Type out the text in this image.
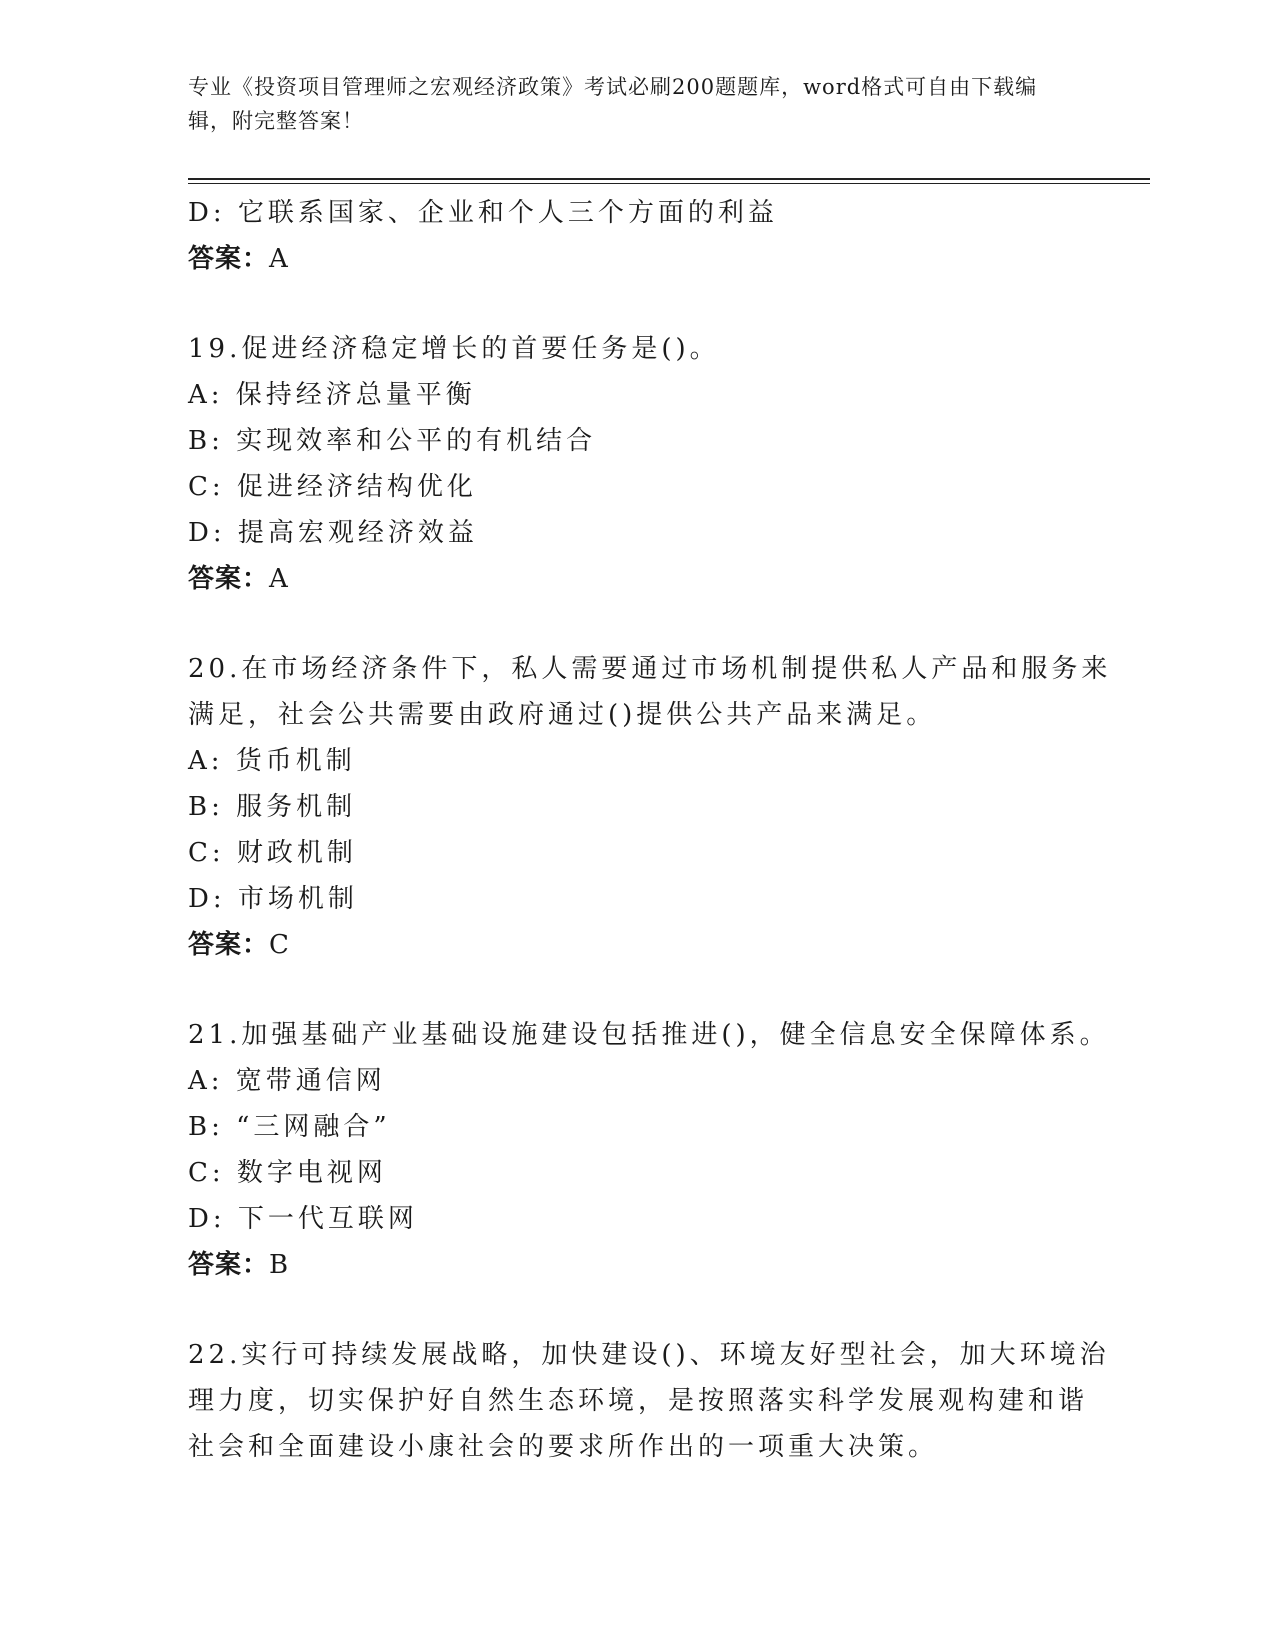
专业《投资项目管理师之宏观经济政策》考试必刷200题题库，word格式可自由下载编辑，附完整答案！
D: 它联系国家、企业和个人三个方面的利益
答案：A
19.促进经济稳定增长的首要任务是()。
A: 保持经济总量平衡
B: 实现效率和公平的有机结合
C: 促进经济结构优化
D: 提高宏观经济效益
答案：A
20.在市场经济条件下，私人需要通过市场机制提供私人产品和服务来
满足，社会公共需要由政府通过()提供公共产品来满足。
A: 货币机制
B: 服务机制
C: 财政机制
D: 市场机制
答案：C
21.加强基础产业基础设施建设包括推进()，健全信息安全保障体系。
A: 宽带通信网
B: “三网融合”
C: 数字电视网
D: 下一代互联网
答案：B
22.实行可持续发展战略，加快建设()、环境友好型社会，加大环境治
理力度，切实保护好自然生态环境，是按照落实科学发展观构建和谐
社会和全面建设小康社会的要求所作出的一项重大决策。
